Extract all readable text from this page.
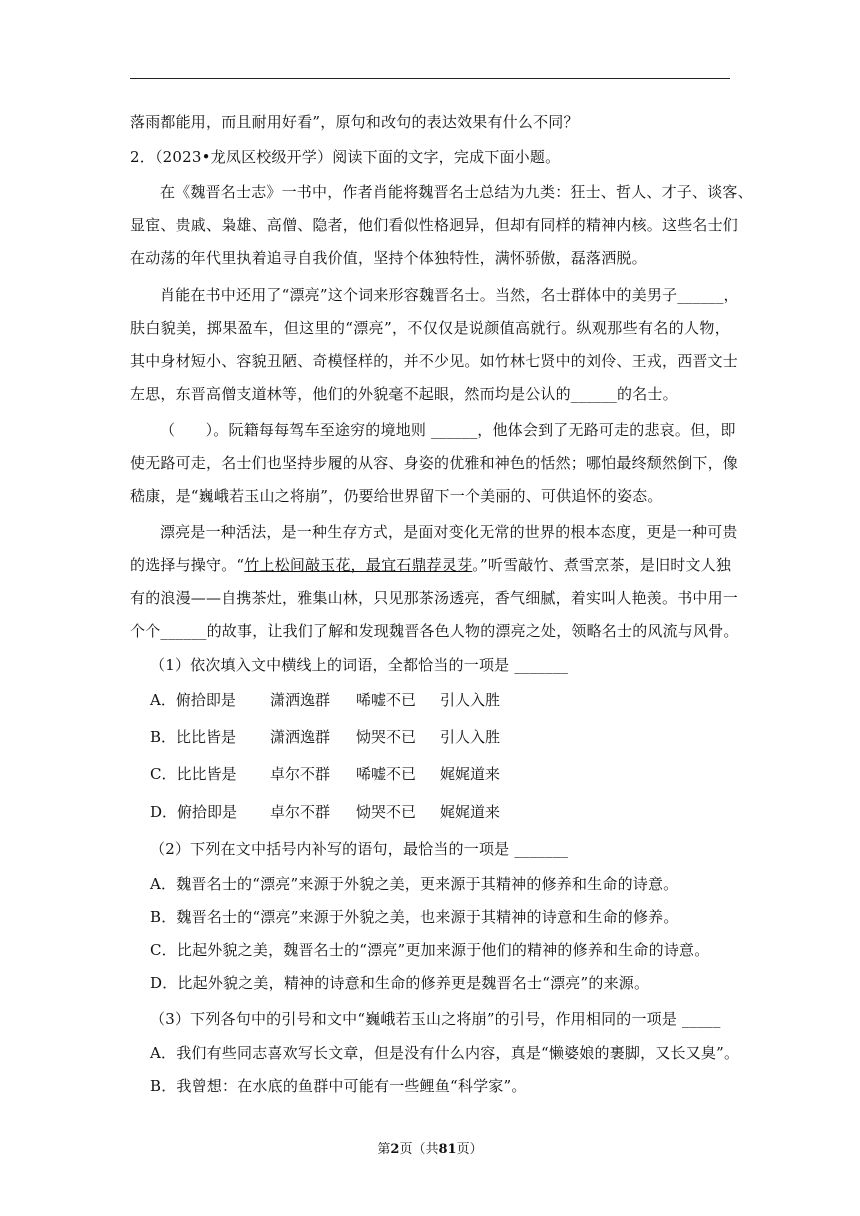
落雨都能用，而且耐用好看”，原句和改句的表达效果有什么不同？
2．（2023•龙凤区校级开学）阅读下面的文字，完成下面小题。
在《魏晋名士志》一书中，作者肖能将魏晋名士总结为九类：狂士、哲人、才子、谈客、
显宦、贵戚、枭雄、高僧、隐者，他们看似性格迥异，但却有同样的精神内核。这些名士们
在动荡的年代里执着追寻自我价值，坚持个体独特性，满怀骄傲，磊落洒脱。
肖能在书中还用了“漂亮”这个词来形容魏晋名士。当然，名士群体中的美男子______，
肤白貌美，掷果盈车，但这里的“漂亮”，不仅仅是说颜值高就行。纵观那些有名的人物，
其中身材短小、容貌丑陋、奇模怪样的，并不少见。如竹林七贤中的刘伶、王戎，西晋文士
左思，东晋高僧支道林等，他们的外貌毫不起眼，然而均是公认的______的名士。
（　　）。阮籍每每驾车至途穷的境地则 ______，他体会到了无路可走的悲哀。但，即
使无路可走，名士们也坚持步履的从容、身姿的优雅和神色的恬然；哪怕最终颓然倒下，像
嵇康，是“巍峨若玉山之将崩”，仍要给世界留下一个美丽的、可供追怀的姿态。
漂亮是一种活法，是一种生存方式，是面对变化无常的世界的根本态度，更是一种可贵
的选择与操守。“竹上松间敲玉花，最宜石鼎荐灵芽。”听雪敲竹、煮雪烹茶，是旧时文人独
有的浪漫——自携茶灶，雅集山林，只见那茶汤透亮，香气细腻，着实叫人艳羡。书中用一
个个______的故事，让我们了解和发现魏晋各色人物的漂亮之处，领略名士的风流与风骨。
（1）依次填入文中横线上的词语，全都恰当的一项是 _______
A．俯拾即是 潇洒逸群 唏嘘不已 引人入胜
B．比比皆是 潇洒逸群 恸哭不已 引人入胜
C．比比皆是 卓尔不群 唏嘘不已 娓娓道来
D．俯拾即是 卓尔不群 恸哭不已 娓娓道来
（2）下列在文中括号内补写的语句，最恰当的一项是 _______
A．魏晋名士的“漂亮”来源于外貌之美，更来源于其精神的修养和生命的诗意。
B．魏晋名士的“漂亮”来源于外貌之美，也来源于其精神的诗意和生命的修养。
C．比起外貌之美，魏晋名士的“漂亮”更加来源于他们的精神的修养和生命的诗意。
D．比起外貌之美，精神的诗意和生命的修养更是魏晋名士“漂亮”的来源。
（3）下列各句中的引号和文中“巍峨若玉山之将崩”的引号，作用相同的一项是 _____
A．我们有些同志喜欢写长文章，但是没有什么内容，真是“懒婆娘的裹脚，又长又臭”。
B．我曾想：在水底的鱼群中可能有一些鲤鱼“科学家”。
第2页（共81页）
